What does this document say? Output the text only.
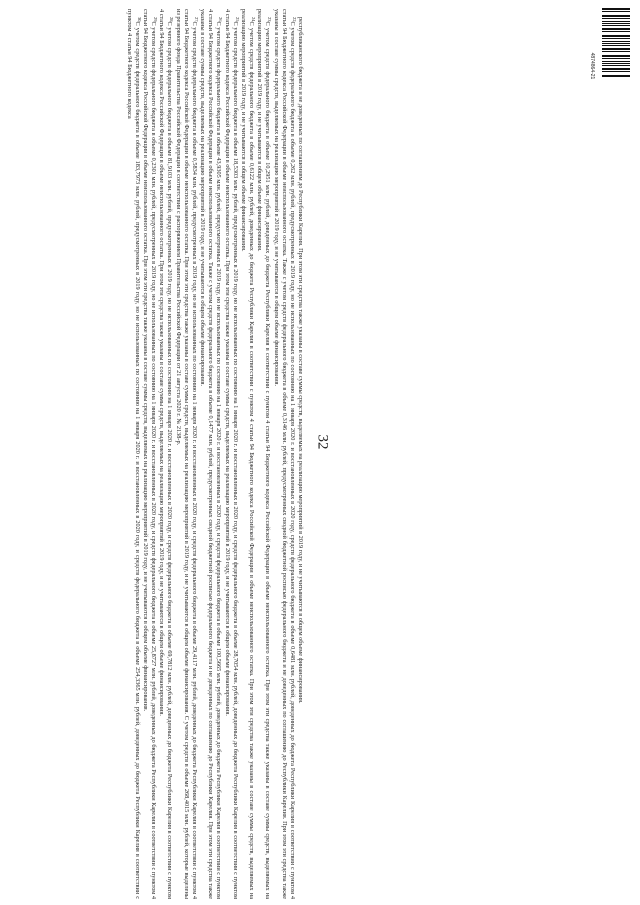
32
4874864-21

республиканского бюджета и не доведенных по соглашениям до Республики Карелия. При этом эти средства также указаны в составе суммы средств, выделяемых на реализацию мероприятий в 2019 году, и не учитываются в общем объеме финансирования.

$^{22}$С учетом средств федерального бюджета в объеме 0,262 млн. рублей, предусмотренных в 2019 году, но не использованных по состоянию на 1 января 2020 г. и восстановленных в 2020 году, средств федерального бюджета в объеме 0,6481 млн. рублей, доведенных до бюджета Республики Карелия в соответствии с пунктом 4 статьи 94 Бюджетного кодекса Российской Федерации в объеме неиспользованного остатка. Также с учетом средств федерального бюджета в объеме 0,3146 млн. рублей, предусмотренных сводной бюджетной росписью федерального бюджета и не доведенных по соглашению до Республики Карелия. При этом эти средства также указаны в составе суммы средств, выделяемых на реализацию мероприятий в 2019 году, и не учитываются в общем объеме финансирования.

$^{23}$С учетом средств федерального бюджета в объеме 10,2951 млн. рублей, доведенных до бюджета Республики Карелия в соответствии с пунктом 4 статьи 94 Бюджетного кодекса Российской Федерации в объеме неиспользованного остатка. При этом эти средства также указаны в составе суммы средств, выделяемых на реализацию мероприятий в 2019 году, и не учитываются в общем объеме финансирования.

$^{24}$С учетом средств федерального бюджета в объеме 0,6122 млн. рублей, доведенных до бюджета Республики Карелия в соответствии с пунктом 4 статьи 94 Бюджетного кодекса Российской Федерации в объеме неиспользованного остатка. При этом эти средства также указаны в составе суммы средств, выделяемых на реализацию мероприятий в 2019 году, и не учитываются в общем объеме финансирования.

$^{25}$С учетом средств федерального бюджета в объеме 18,5303 млн. рублей, предусмотренных в 2019 году, но не использованных по состоянию на 1 января 2020 г. и восстановленных в 2020 году, и средств федерального бюджета в объеме 28,7054 млн. рублей, доведенных до бюджета Республики Карелия в соответствии с пунктом 4 статьи 94 Бюджетного кодекса Российской Федерации в объеме неиспользованного остатка. При этом эти средства также указаны в составе суммы средств, выделяемых на реализацию мероприятий в 2019 году, и не учитываются в общем объеме финансирования.

$^{26}$С учетом средств федерального бюджета в объеме 43,9305 млн. рублей, предусмотренных в 2019 году, но не использованных по состоянию на 1 января 2020 г. и восстановленных в 2020 году, и средств федерального бюджета в объеме 100,5665 млн. рублей, доведенных до бюджета Республики Карелия в соответствии с пунктом 4 статьи 94 Бюджетного кодекса Российской Федерации в объеме неиспользованного остатка. Также с учетом средств федерального бюджета в объеме 0,1477 млн. рублей, предусмотренных сводной бюджетной росписью федерального бюджета и не доведенных по соглашению до Республики Карелия. При этом эти средства также указаны в составе суммы средств, выделяемых на реализацию мероприятий в 2019 году, и не учитываются в общем объеме финансирования.

$^{27}$С учетом средств федерального бюджета в объеме 0,5834 млн. рублей, предусмотренных в 2019 году, но не использованных по состоянию на 1 января 2020 г. и восстановленных в 2020 году, и средств федерального бюджета в объеме 29,4117 млн. рублей, доведенных до бюджета Республики Карелия в соответствии с пунктом 4 статьи 94 Бюджетного кодекса Российской Федерации в объеме неиспользованного остатка. При этом эти средства также указаны в составе суммы средств, выделяемых на реализацию мероприятий в 2019 году, и не учитываются в общем объеме финансирования. С учетом средств в объеме 268,4015 млн. рублей, которые выделены из резервного фонда Правительства Российской Федерации в соответствии с распоряжением Правительства Российской Федерации от 21 августа 2020 г. № 2138-р.

$^{28}$С учетом средств федерального бюджета в объеме 81,9103 млн. рублей, предусмотренных в 2019 году, но не использованных по состоянию на 1 января 2020 г. и восстановленных в 2020 году, и средств федерального бюджета в объеме 69,7812 млн. рублей, доведенных до бюджета Республики Карелия в соответствии с пунктом 4 статьи 94 Бюджетного кодекса Российской Федерации в объеме неиспользованного остатка. При этом эти средства также указаны в составе суммы средств, выделяемых на реализацию мероприятий в 2019 году, и не учитываются в общем объеме финансирования.

$^{29}$С учетом средств федерального бюджета в объеме 0,2301 млн. рублей, предусмотренных в 2019 году, но не использованных по состоянию на 1 января 2020 г. и восстановленных в 2020 году, и средств федерального бюджета в объеме 25,8727 млн. рублей, доведенных до бюджета Республики Карелия в соответствии с пунктом 4 статьи 94 Бюджетного кодекса Российской Федерации в объеме неиспользованного остатка. При этом эти средства также указаны в составе суммы средств, выделяемых на реализацию мероприятий в 2019 году, и не учитываются в общем объеме финансирования.

$^{30}$С учетом средств федерального бюджета в объеме 183,7973 млн. рублей, предусмотренных в 2019 году, но не использованных по состоянию на 1 января 2020 г. и восстановленных в 2020 году, и средств федерального бюджета в объеме 254,3365 млн. рублей, доведенных до бюджета Республики Карелия в соответствии с пунктом 4 статьи 94 Бюджетного кодекса
